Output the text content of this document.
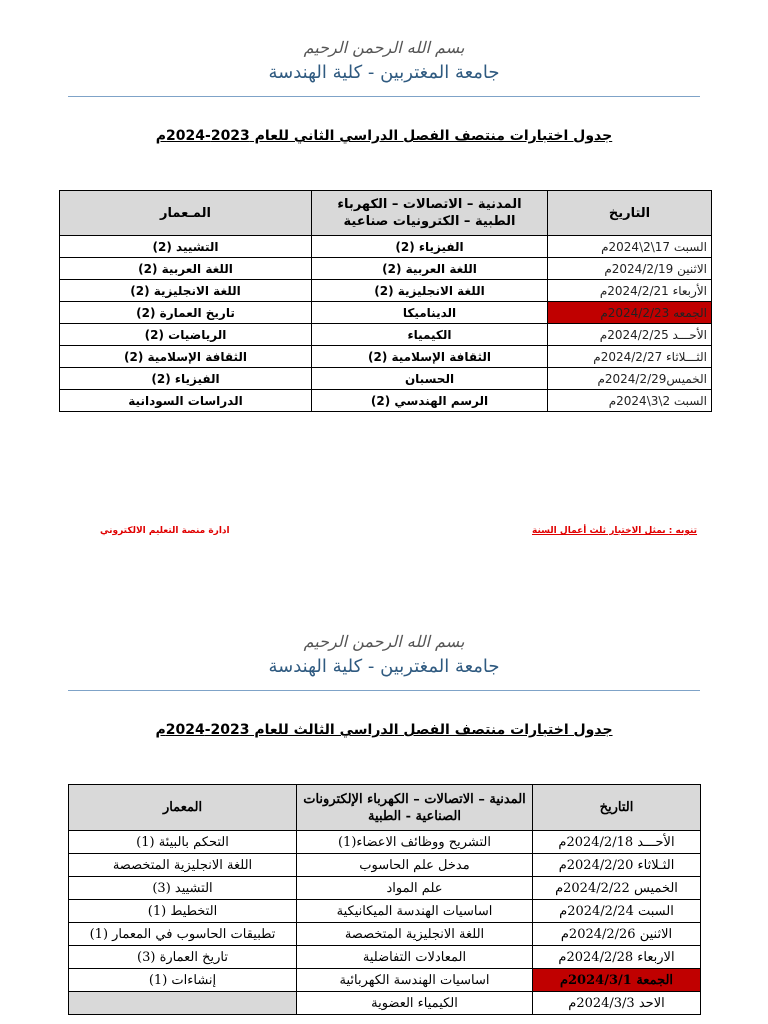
بسم الله الرحمن الرحيم
جامعة المغتربين - كلية الهندسة
جدول اختبارات منتصف الفصل الدراسي الثاني للعام 2023-2024م
التاريخ	المدنية – الاتصالات – الكهرباء الطبية – الكترونيات صناعية	المـعمار
السبت 17\2\2024م	الفيزياء (2)	التشييد (2)
الاثنين 2024/2/19م	اللغة العربية (2)	اللغة العربية (2)
الأربعاء 2024/2/21م	اللغة الانجليزية (2)	اللغة الانجليزية (2)
الجمعه 2024/2/23م	الديناميكا	تاريخ العمارة (2)
الأحـــد 2024/2/25م	الكيمياء	الرياضيات (2)
الثـــلاثاء 2024/2/27م	الثقافة الإسلامية (2)	الثقافة الإسلامية (2)
الخميس2024/2/29م	الحسبان	الفيزياء (2)
السبت 2\3\2024م	الرسم الهندسي (2)	الدراسات السودانية
تنويه : يمثل الاختبار ثلث أعمال السنة
ادارة منصة التعليم الالكتروني
بسم الله الرحمن الرحيم
جامعة المغتربين - كلية الهندسة
جدول اختبارات منتصف الفصل الدراسي الثالث للعام 2023-2024م
التاريخ	المدنية – الاتصالات – الكهرباء الإلكترونات الصناعية - الطبية	المعمار
الأحـــد 2024/2/18م	التشريح ووظائف الاعضاء(1)	التحكم بالبيئة (1)
الثـلاثاء 2024/2/20م	مدخل علم الحاسوب	اللغة الانجليزية المتخصصة
الخميس 2024/2/22م	علم المواد	التشييد (3)
السبت 2024/2/24م	اساسيات الهندسة الميكانيكية	التخطيط (1)
الاثنين 2024/2/26م	اللغة الانجليزية المتخصصة	تطبيقات الحاسوب في المعمار (1)
الاربعاء 2024/2/28م	المعادلات التفاضلية	تاريخ العمارة (3)
الجمعة 2024/3/1م	اساسيات الهندسة الكهربائية	إنشاءات (1)
الاحد 2024/3/3م	الكيمياء العضوية	
